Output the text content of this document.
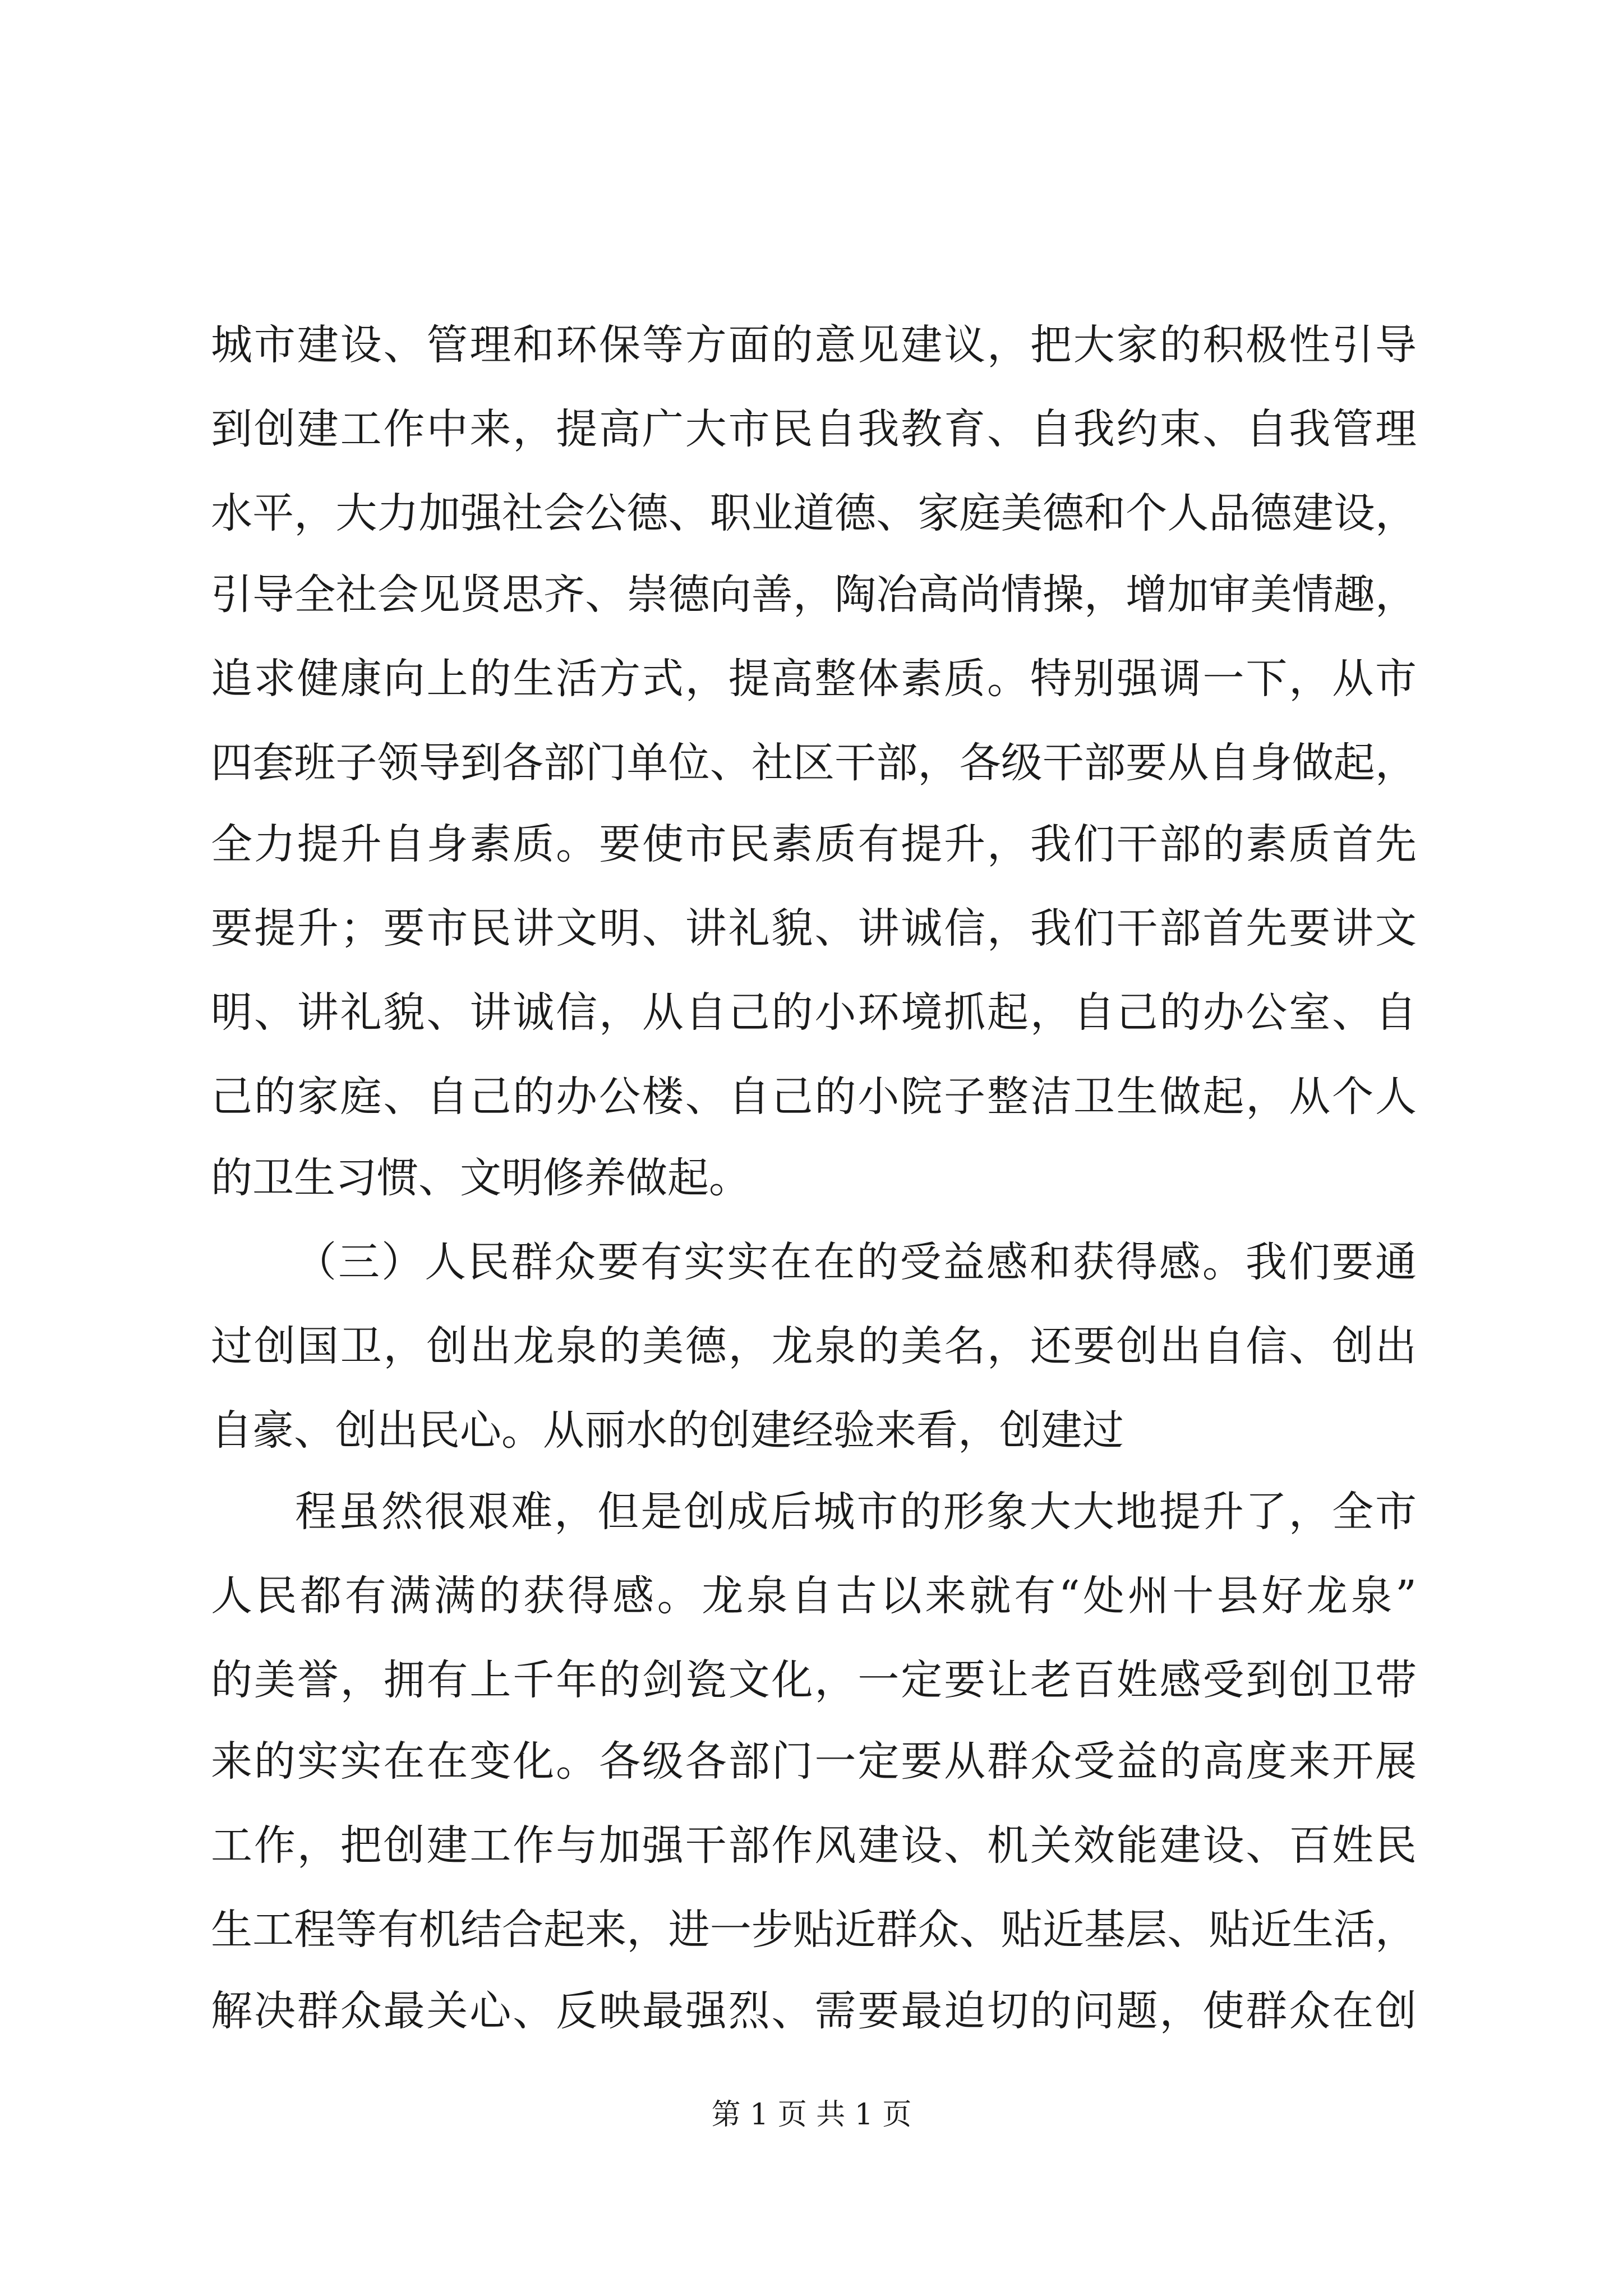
城市建设、管理和环保等方面的意见建议，把大家的积极性引导
到创建工作中来，提高广大市民自我教育、自我约束、自我管理
水平，大力加强社会公德、职业道德、家庭美德和个人品德建设，
引导全社会见贤思齐、崇德向善，陶冶高尚情操，增加审美情趣，
追求健康向上的生活方式，提高整体素质。特别强调一下，从市
四套班子领导到各部门单位、社区干部，各级干部要从自身做起，
全力提升自身素质。要使市民素质有提升，我们干部的素质首先
要提升；要市民讲文明、讲礼貌、讲诚信，我们干部首先要讲文
明、讲礼貌、讲诚信，从自己的小环境抓起，自己的办公室、自
己的家庭、自己的办公楼、自己的小院子整洁卫生做起，从个人
的卫生习惯、文明修养做起。
（三）人民群众要有实实在在的受益感和获得感。我们要通
过创国卫，创出龙泉的美德，龙泉的美名，还要创出自信、创出
自豪、创出民心。从丽水的创建经验来看，创建过
程虽然很艰难，但是创成后城市的形象大大地提升了，全市
人民都有满满的获得感。龙泉自古以来就有“处州十县好龙泉”
的美誉，拥有上千年的剑瓷文化，一定要让老百姓感受到创卫带
来的实实在在变化。各级各部门一定要从群众受益的高度来开展
工作，把创建工作与加强干部作风建设、机关效能建设、百姓民
生工程等有机结合起来，进一步贴近群众、贴近基层、贴近生活，
解决群众最关心、反映最强烈、需要最迫切的问题，使群众在创
第 1 页 共 1 页
